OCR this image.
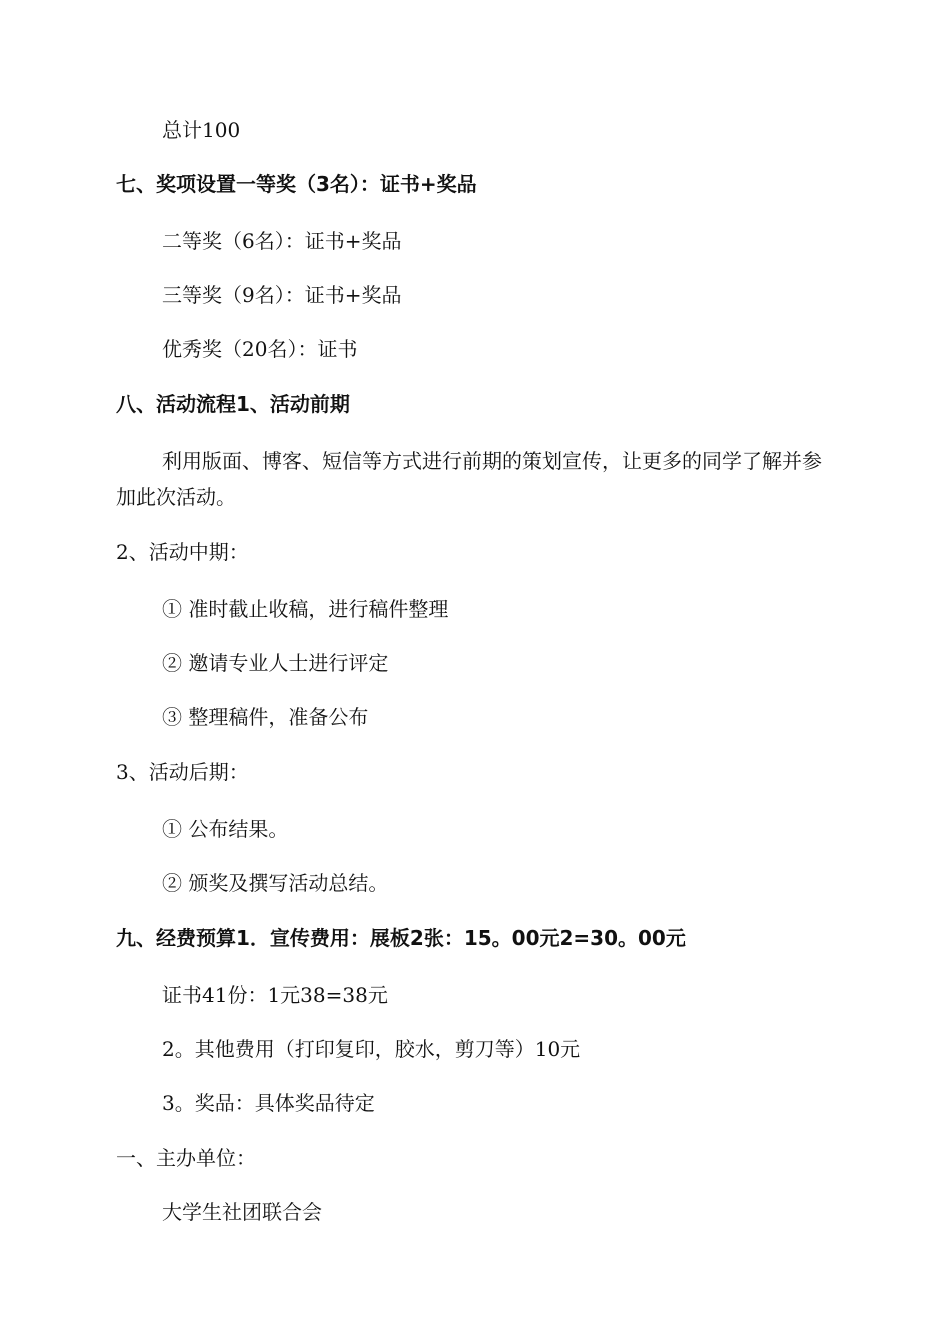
总计100
七、奖项设置一等奖（3名）：证书+奖品
二等奖（6名）：证书+奖品
三等奖（9名）：证书+奖品
优秀奖（20名）：证书
八、活动流程1、活动前期
利用版面、博客、短信等方式进行前期的策划宣传，让更多的同学了解并参加此次活动。
2、活动中期：
① 准时截止收稿，进行稿件整理
② 邀请专业人士进行评定
③ 整理稿件，准备公布
3、活动后期：
① 公布结果。
② 颁奖及撰写活动总结。
九、经费预算1．宣传费用：展板2张：15。00元2=30。00元
证书41份：1元38=38元
2。其他费用（打印复印，胶水，剪刀等）10元
3。奖品：具体奖品待定
一、主办单位：
大学生社团联合会
